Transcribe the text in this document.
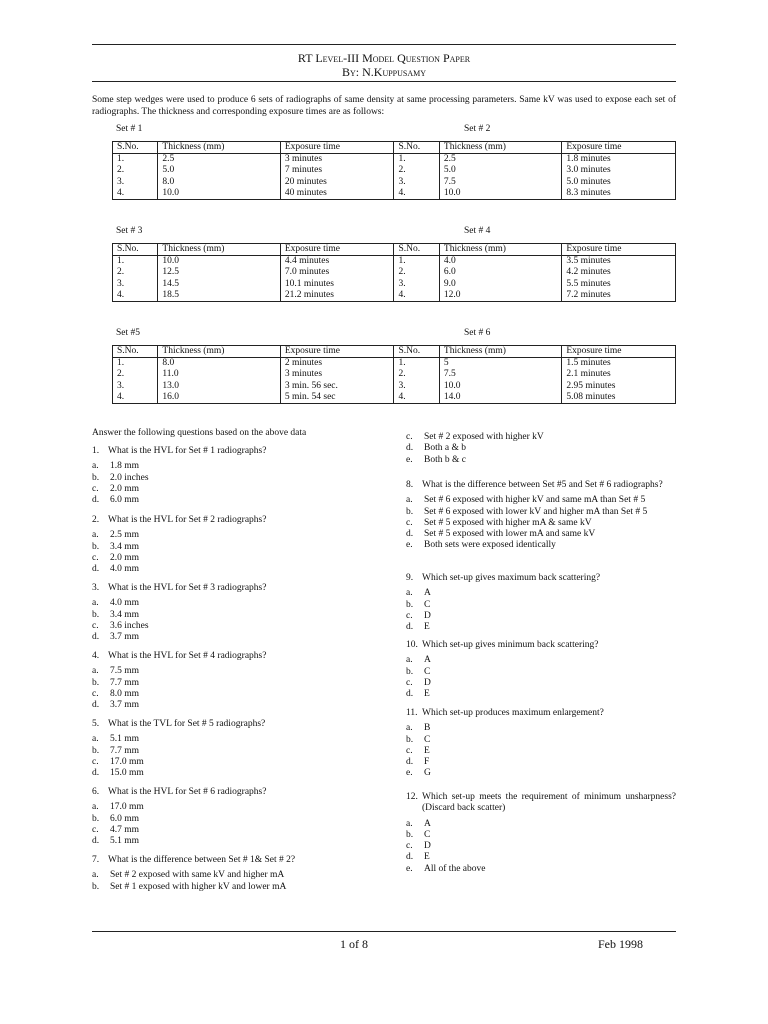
RT Level-III Model Question Paper
By: N.Kuppusamy
Some step wedges were used to produce 6 sets of radiographs of same density at same processing parameters. Same kV was used to expose each set of radiographs. The thickness and corresponding exposure times are as follows:
Set # 1	Set # 2
Set # 3	Set # 4
Set #5	Set # 6
S.No.	Thickness (mm)	Exposure time	S.No.	Thickness (mm)	Exposure time
1.	2.5	3 minutes	1.	2.5	1.8 minutes
2.	5.0	7 minutes	2.	5.0	3.0 minutes
3.	8.0	20 minutes	3.	7.5	5.0 minutes
4.	10.0	40 minutes	4.	10.0	8.3 minutes
S.No.	Thickness (mm)	Exposure time	S.No.	Thickness (mm)	Exposure time
1.	10.0	4.4 minutes	1.	4.0	3.5 minutes
2.	12.5	7.0 minutes	2.	6.0	4.2 minutes
3.	14.5	10.1 minutes	3.	9.0	5.5 minutes
4.	18.5	21.2 minutes	4.	12.0	7.2 minutes
S.No.	Thickness (mm)	Exposure time	S.No.	Thickness (mm)	Exposure time
1.	8.0	2 minutes	1.	5	1.5 minutes
2.	11.0	3 minutes	2.	7.5	2.1 minutes
3.	13.0	3 min. 56 sec.	3.	10.0	2.95 minutes
4.	16.0	5 min. 54 sec	4.	14.0	5.08 minutes
Answer the following questions based on the above data
1. What is the HVL for Set # 1 radiographs?
a.	1.8 mm
b.	2.0 inches
c.	2.0 mm
d.	6.0 mm
2. What is the HVL for Set # 2 radiographs?
a.	2.5 mm
b.	3.4 mm
c.	2.0 mm
d.	4.0 mm
3. What is the HVL for Set # 3 radiographs?
a.	4.0 mm
b.	3.4 mm
c.	3.6 inches
d.	3.7 mm
4. What is the HVL for Set # 4 radiographs?
a.	7.5 mm
b.	7.7 mm
c.	8.0 mm
d.	3.7 mm
5. What is the TVL for Set # 5 radiographs?
a.	5.1 mm
b.	7.7 mm
c.	17.0 mm
d.	15.0 mm
6. What is the HVL for Set # 6 radiographs?
a.	17.0 mm
b.	6.0 mm
c.	4.7 mm
d.	5.1 mm
7. What is the difference between Set # 1& Set # 2?
a.	Set # 2 exposed with same kV and higher mA
b.	Set # 1 exposed with higher kV and lower mA
c.	Set # 2 exposed with higher kV
d.	Both a & b
e.	Both b & c
8. What is the difference between Set #5 and Set # 6 radiographs?
a.	Set # 6 exposed with higher kV and same mA than Set # 5
b.	Set # 6 exposed with lower kV and higher mA than Set # 5
c.	Set # 5 exposed with higher mA & same kV
d.	Set # 5 exposed with lower mA and same kV
e.	Both sets were exposed identically
9. Which set-up gives maximum back scattering?
a.	A
b.	C
c.	D
d.	E
10. Which set-up gives minimum back scattering?
a.	A
b.	C
c.	D
d.	E
11. Which set-up produces maximum enlargement?
a.	B
b.	C
c.	E
d.	F
e.	G
12. Which set-up meets the requirement of minimum unsharpness? (Discard back scatter)
a.	A
b.	C
c.	D
d.	E
e.	All of the above
1 of 8	Feb 1998
